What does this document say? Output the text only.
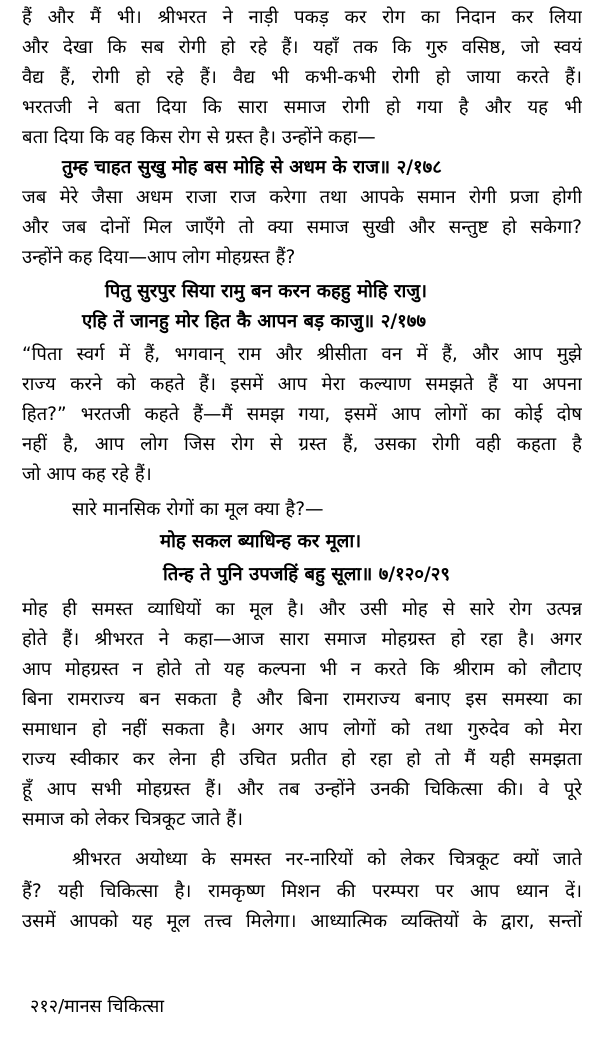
हैं और मैं भी। श्रीभरत ने नाड़ी पकड़ कर रोग का निदान कर लिया
और देखा कि सब रोगी हो रहे हैं। यहाँ तक कि गुरु वसिष्ठ, जो स्वयं
वैद्य हैं, रोगी हो रहे हैं। वैद्य भी कभी-कभी रोगी हो जाया करते हैं।
भरतजी ने बता दिया कि सारा समाज रोगी हो गया है और यह भी
बता दिया कि वह किस रोग से ग्रस्त है। उन्होंने कहा—
तुम्ह चाहत सुखु मोह बस मोहि से अधम के राज॥ २/१७८
जब मेरे जैसा अधम राजा राज करेगा तथा आपके समान रोगी प्रजा होगी
और जब दोनों मिल जाएँगे तो क्या समाज सुखी और सन्तुष्ट हो सकेगा?
उन्होंने कह दिया—आप लोग मोहग्रस्त हैं?
पितु सुरपुर सिया रामु बन करन कहहु मोहि राजु।
एहि तें जानहु मोर हित कै आपन बड़ काजु॥ २/१७७
“पिता स्वर्ग में हैं, भगवान् राम और श्रीसीता वन में हैं, और आप मुझे
राज्य करने को कहते हैं। इसमें आप मेरा कल्याण समझते हैं या अपना
हित?” भरतजी कहते हैं—मैं समझ गया, इसमें आप लोगों का कोई दोष
नहीं है, आप लोग जिस रोग से ग्रस्त हैं, उसका रोगी वही कहता है
जो आप कह रहे हैं।
सारे मानसिक रोगों का मूल क्या है?—
मोह सकल ब्याधिन्ह कर मूला।
तिन्ह ते पुनि उपजहिं बहु सूला॥ ७/१२०/२९
मोह ही समस्त व्याधियों का मूल है। और उसी मोह से सारे रोग उत्पन्न
होते हैं। श्रीभरत ने कहा—आज सारा समाज मोहग्रस्त हो रहा है। अगर
आप मोहग्रस्त न होते तो यह कल्पना भी न करते कि श्रीराम को लौटाए
बिना रामराज्य बन सकता है और बिना रामराज्य बनाए इस समस्या का
समाधान हो नहीं सकता है। अगर आप लोगों को तथा गुरुदेव को मेरा
राज्य स्वीकार कर लेना ही उचित प्रतीत हो रहा हो तो मैं यही समझता
हूँ आप सभी मोहग्रस्त हैं। और तब उन्होंने उनकी चिकित्सा की। वे पूरे
समाज को लेकर चित्रकूट जाते हैं।
श्रीभरत अयोध्या के समस्त नर-नारियों को लेकर चित्रकूट क्यों जाते
हैं? यही चिकित्सा है। रामकृष्ण मिशन की परम्परा पर आप ध्यान दें।
उसमें आपको यह मूल तत्त्व मिलेगा। आध्यात्मिक व्यक्तियों के द्वारा, सन्तों
२१२/मानस चिकित्सा
